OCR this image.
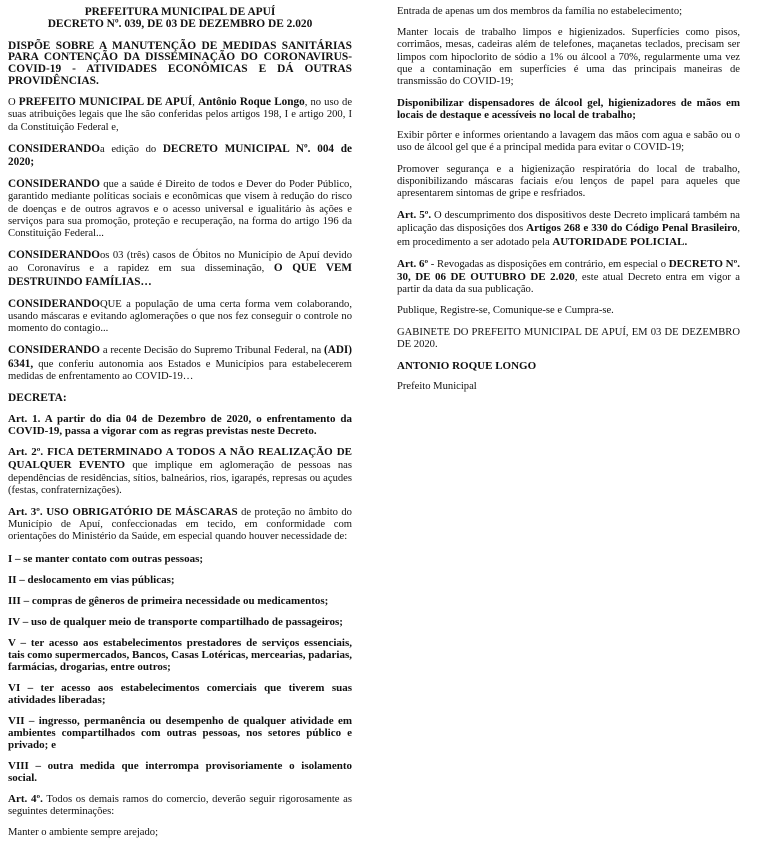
PREFEITURA MUNICIPAL DE APUÍ

DECRETO Nº. 039, DE 03 DE DEZEMBRO DE 2.020

DISPÕE SOBRE A MANUTENÇÃO DE MEDIDAS SANITÁRIAS PARA CONTENÇÃO DA DISSEMINAÇÃO DO CORONAVIRUS-COVID-19 - ATIVIDADES ECONÔMICAS E DÁ OUTRAS PROVIDÊNCIAS.

O PREFEITO MUNICIPAL DE APUÍ, Antônio Roque Longo, no uso de suas atribuições legais que lhe são conferidas pelos artigos 198, I e artigo 200, I da Constituição Federal e,

CONSIDERANDOa edição do DECRETO MUNICIPAL Nº. 004 de 2020;

CONSIDERANDO que a saúde é Direito de todos e Dever do Poder Público, garantido mediante políticas sociais e econômicas que visem à redução do risco de doenças e de outros agravos e o acesso universal e igualitário às ações e serviços para sua promoção, proteção e recuperação, na forma do artigo 196 da Constituição Federal...

CONSIDERANDOos 03 (três) casos de Óbitos no Município de Apuí devido ao Coronavírus e a rapidez em sua disseminação, O QUE VEM DESTRUINDO FAMÍLIAS…

CONSIDERANDOQUE a população de uma certa forma vem colaborando, usando máscaras e evitando aglomerações o que nos fez conseguir o controle no momento do contagio...

CONSIDERANDO a recente Decisão do Supremo Tribunal Federal, na (ADI) 6341, que conferiu autonomia aos Estados e Municípios para estabelecerem medidas de enfrentamento ao COVID-19…

DECRETA:

Art. 1. A partir do dia 04 de Dezembro de 2020, o enfrentamento da COVID-19, passa a vigorar com as regras previstas neste Decreto.

Art. 2º. FICA DETERMINADO A TODOS A NÃO REALIZAÇÃO DE QUALQUER EVENTO que implique em aglomeração de pessoas nas dependências de residências, sítios, balneários, rios, igarapés, represas ou açudes (festas, confraternizações).

Art. 3º. USO OBRIGATÓRIO DE MÁSCARAS de proteção no âmbito do Município de Apuí, confeccionadas em tecido, em conformidade com orientações do Ministério da Saúde, em especial quando houver necessidade de:

I – se manter contato com outras pessoas;

II – deslocamento em vias públicas;

III – compras de gêneros de primeira necessidade ou medicamentos;

IV – uso de qualquer meio de transporte compartilhado de passageiros;

V – ter acesso aos estabelecimentos prestadores de serviços essenciais, tais como supermercados, Bancos, Casas Lotéricas, mercearias, padarias, farmácias, drogarias, entre outros;

VI – ter acesso aos estabelecimentos comerciais que tiverem suas atividades liberadas;

VII – ingresso, permanência ou desempenho de qualquer atividade em ambientes compartilhados com outras pessoas, nos setores público e privado; e

VIII – outra medida que interrompa provisoriamente o isolamento social.

Art. 4º. Todos os demais ramos do comercio, deverão seguir rigorosamente as seguintes determinações:

Manter o ambiente sempre arejado;

Entrada de apenas um dos membros da família no estabelecimento;

Manter locais de trabalho limpos e higienizados. Superfícies como pisos, corrimãos, mesas, cadeiras além de telefones, maçanetas teclados, precisam ser limpos com hipoclorito de sódio a 1% ou álcool a 70%, regularmente uma vez que a contaminação em superfícies é uma das principais maneiras de transmissão do COVID-19;

Disponibilizar dispensadores de álcool gel, higienizadores de mãos em locais de destaque e acessíveis no local de trabalho;

Exibir pôrter e informes orientando a lavagem das mãos com agua e sabão ou o uso de álcool gel que é a principal medida para evitar o COVID-19;

Promover segurança e a higienização respiratória do local de trabalho, disponibilizando máscaras faciais e/ou lenços de papel para aqueles que apresentarem sintomas de gripe e resfriados.

Art. 5º. O descumprimento dos dispositivos deste Decreto implicará também na aplicação das disposições dos Artigos 268 e 330 do Código Penal Brasileiro, em procedimento a ser adotado pela AUTORIDADE POLICIAL.

Art. 6º - Revogadas as disposições em contrário, em especial o DECRETO Nº. 30, DE 06 DE OUTUBRO DE 2.020, este atual Decreto entra em vigor a partir da data da sua publicação.

Publique, Registre-se, Comunique-se e Cumpra-se.

GABINETE DO PREFEITO MUNICIPAL DE APUÍ, EM 03 DE DEZEMBRO DE 2020.

ANTONIO ROQUE LONGO

Prefeito Municipal
